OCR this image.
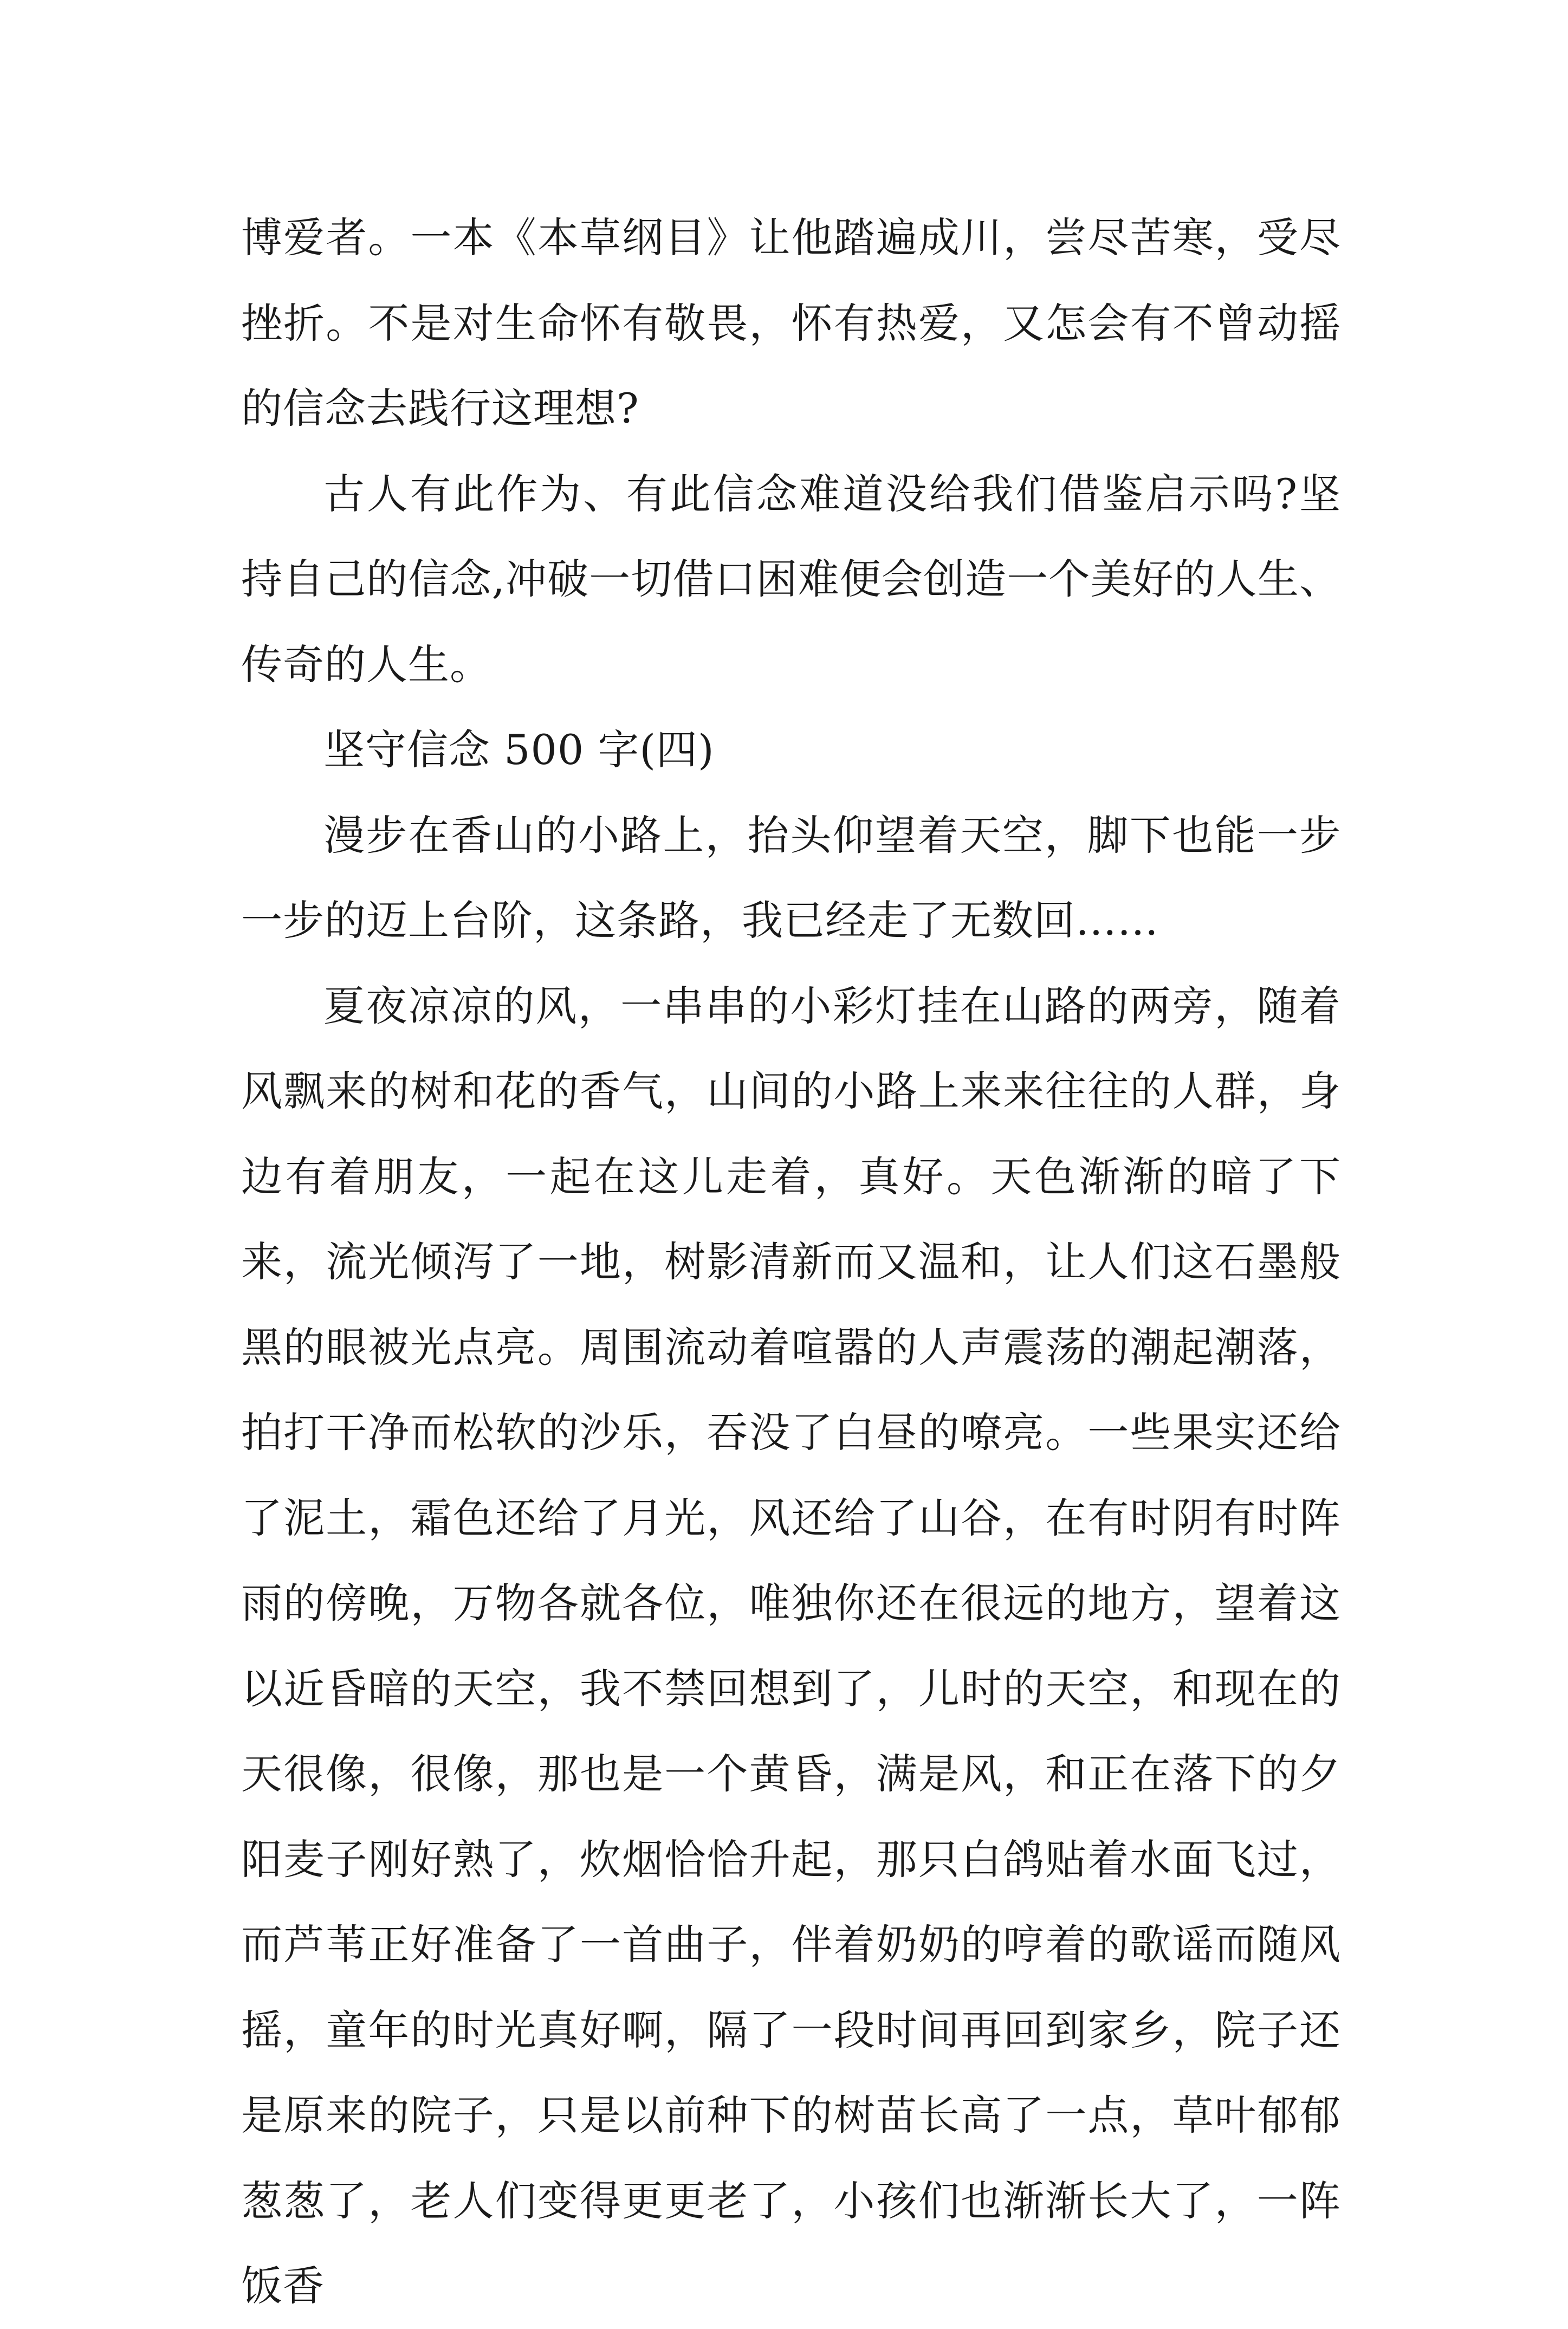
博爱者。一本《本草纲目》让他踏遍成川，尝尽苦寒，受尽挫折。不是对生命怀有敬畏，怀有热爱，又怎会有不曾动摇的信念去践行这理想?

古人有此作为、有此信念难道没给我们借鉴启示吗?坚持自己的信念,冲破一切借口困难便会创造一个美好的人生、传奇的人生。

坚守信念 500 字(四)

漫步在香山的小路上，抬头仰望着天空，脚下也能一步一步的迈上台阶，这条路，我已经走了无数回……

夏夜凉凉的风，一串串的小彩灯挂在山路的两旁，随着风飘来的树和花的香气，山间的小路上来来往往的人群，身边有着朋友，一起在这儿走着，真好。天色渐渐的暗了下来，流光倾泻了一地，树影清新而又温和，让人们这石墨般黑的眼被光点亮。周围流动着喧嚣的人声震荡的潮起潮落，拍打干净而松软的沙乐，吞没了白昼的嘹亮。一些果实还给了泥土，霜色还给了月光，风还给了山谷，在有时阴有时阵雨的傍晚，万物各就各位，唯独你还在很远的地方，望着这以近昏暗的天空，我不禁回想到了，儿时的天空，和现在的天很像，很像，那也是一个黄昏，满是风，和正在落下的夕阳麦子刚好熟了，炊烟恰恰升起，那只白鸽贴着水面飞过，而芦苇正好准备了一首曲子，伴着奶奶的哼着的歌谣而随风摇，童年的时光真好啊，隔了一段时间再回到家乡，院子还是原来的院子，只是以前种下的树苗长高了一点，草叶郁郁葱葱了，老人们变得更更老了，小孩们也渐渐长大了，一阵饭香
